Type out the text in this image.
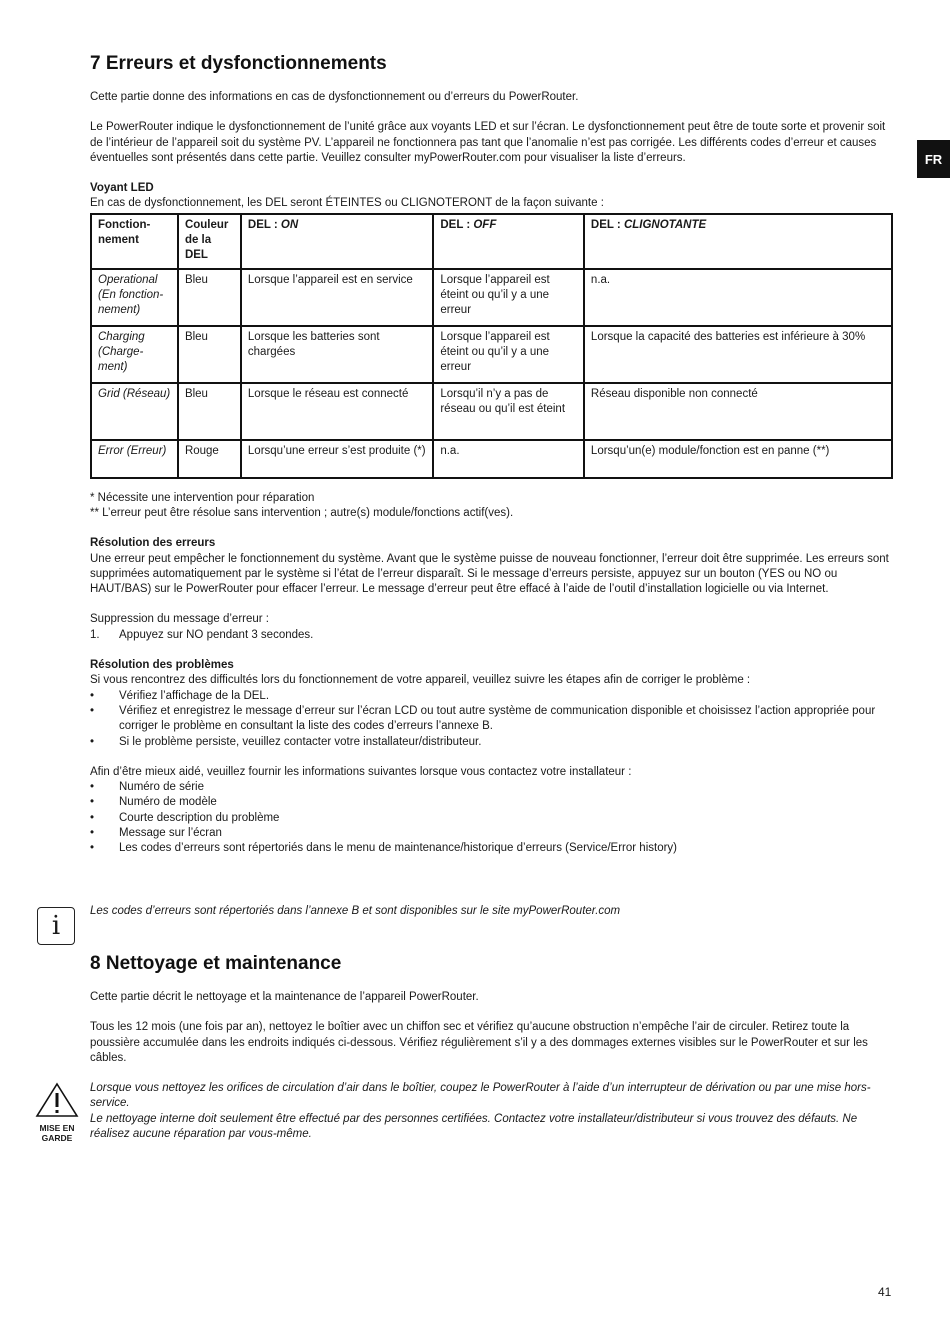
FR
7 Erreurs et dysfonctionnements

Cette partie donne des informations en cas de dysfonctionnement ou d’erreurs du PowerRouter.

Le PowerRouter indique le dysfonctionnement de l’unité grâce aux voyants LED et sur l’écran. Le dysfonctionnement peut être de toute sorte et provenir soit de l’intérieur de l’appareil soit du système PV. L’appareil ne fonctionnera pas tant que l’anomalie n’est pas corrigée. Les différents codes d’erreur et causes éventuelles sont présentés dans cette partie. Veuillez consulter myPowerRouter.com pour visualiser la liste d’erreurs.

Voyant LED

En cas de dysfonctionnement, les DEL seront ÉTEINTES ou CLIGNOTERONT de la façon suivante :

Fonction-nement	Couleur de la DEL	DEL : ON	DEL : OFF	DEL : CLIGNOTANTE
Operational (En fonction-nement)	Bleu	Lorsque l’appareil est en service	Lorsque l’appareil est éteint ou qu’il y a une erreur	n.a.
Charging (Charge-ment)	Bleu	Lorsque les batteries sont chargées	Lorsque l’appareil est éteint ou qu’il y a une erreur	Lorsque la capacité des batteries est inférieure à 30%
Grid (Réseau)	Bleu	Lorsque le réseau est connecté	Lorsqu’il n’y a pas de réseau ou qu’il est éteint	Réseau disponible non connecté
Error (Erreur)	Rouge	Lorsqu’une erreur s’est produite (*)	n.a.	Lorsqu’un(e) module/fonction est en panne (**)

* Nécessite une intervention pour réparation

** L’erreur peut être résolue sans intervention ; autre(s) module/fonctions actif(ves).

Résolution des erreurs

Une erreur peut empêcher le fonctionnement du système. Avant que le système puisse de nouveau fonctionner, l’erreur doit être supprimée. Les erreurs sont supprimées automatiquement par le système si l’état de l’erreur disparaît. Si le message d’erreurs persiste, appuyez sur un bouton (YES ou NO ou HAUT/BAS) sur le PowerRouter pour effacer l’erreur. Le message d’erreur peut être effacé à l’aide de l’outil d’installation logicielle ou via Internet.

Suppression du message d’erreur :

1. Appuyez sur NO pendant 3 secondes.
Résolution des problèmes

Si vous rencontrez des difficultés lors du fonctionnement de votre appareil, veuillez suivre les étapes afin de corriger le problème :

• Vérifiez l’affichage de la DEL.
• Vérifiez et enregistrez le message d’erreur sur l’écran LCD ou tout autre système de communication disponible et choisissez l’action appropriée pour corriger le problème en consultant la liste des codes d’erreurs l’annexe B.
• Si le problème persiste, veuillez contacter votre installateur/distributeur.

Afin d’être mieux aidé, veuillez fournir les informations suivantes lorsque vous contactez votre installateur :

• Numéro de série
• Numéro de modèle
• Courte description du problème
• Message sur l’écran
• Les codes d’erreurs sont répertoriés dans le menu de maintenance/historique d’erreurs (Service/Error history)
i	Les codes d’erreurs sont répertoriés dans l’annexe B et sont disponibles sur le site myPowerRouter.com
8 Nettoyage et maintenance

Cette partie décrit le nettoyage et la maintenance de l’appareil PowerRouter.

Tous les 12 mois (une fois par an), nettoyez le boîtier avec un chiffon sec et vérifiez qu’aucune obstruction n’empêche l’air de circuler. Retirez toute la poussière accumulée dans les endroits indiqués ci-dessous. Vérifiez régulièrement s’il y a des dommages externes visibles sur le PowerRouter et sur les câbles.

MISE EN
GARDE

Lorsque vous nettoyez les orifices de circulation d’air dans le boîtier, coupez le PowerRouter à l’aide d’un interrupteur de dérivation ou par une mise hors-service.

Le nettoyage interne doit seulement être effectué par des personnes certifiées. Contactez votre installateur/distributeur si vous trouvez des défauts. Ne réalisez aucune réparation par vous-même.

41
